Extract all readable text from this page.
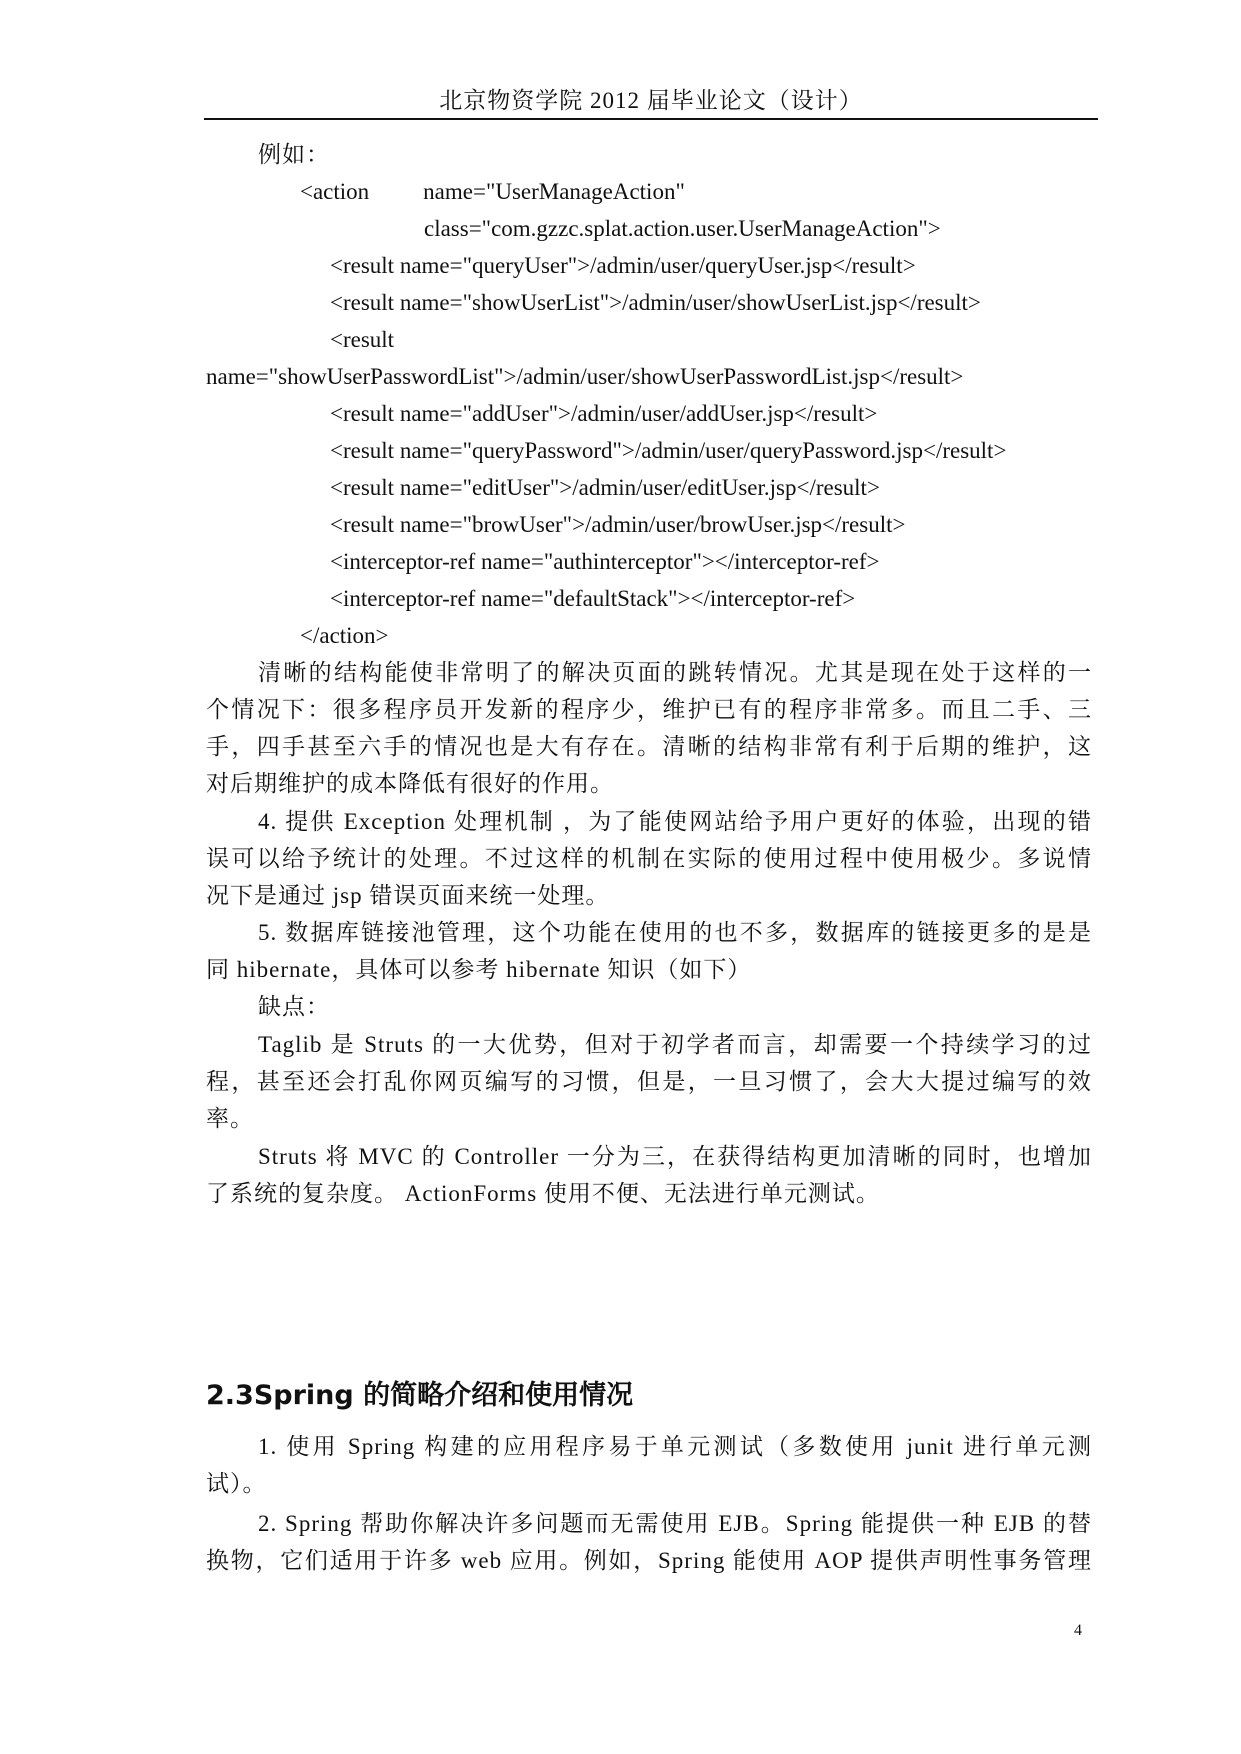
北京物资学院 2012 届毕业论文（设计）
例如：
<action name="UserManageAction"
class="com.gzzc.splat.action.user.UserManageAction">
<result name="queryUser">/admin/user/queryUser.jsp</result>
<result name="showUserList">/admin/user/showUserList.jsp</result>
<result
name="showUserPasswordList">/admin/user/showUserPasswordList.jsp</result>
<result name="addUser">/admin/user/addUser.jsp</result>
<result name="queryPassword">/admin/user/queryPassword.jsp</result>
<result name="editUser">/admin/user/editUser.jsp</result>
<result name="browUser">/admin/user/browUser.jsp</result>
<interceptor-ref name="authinterceptor"></interceptor-ref>
<interceptor-ref name="defaultStack"></interceptor-ref>
</action>
清晰的结构能使非常明了的解决页面的跳转情况。尤其是现在处于这样的一
个情况下：很多程序员开发新的程序少，维护已有的程序非常多。而且二手、三
手，四手甚至六手的情况也是大有存在。清晰的结构非常有利于后期的维护，这
对后期维护的成本降低有很好的作用。
4. 提供 Exception 处理机制 ，为了能使网站给予用户更好的体验，出现的错
误可以给予统计的处理。不过这样的机制在实际的使用过程中使用极少。多说情
况下是通过 jsp 错误页面来统一处理。
5. 数据库链接池管理，这个功能在使用的也不多，数据库的链接更多的是是
同 hibernate，具体可以参考 hibernate 知识（如下）
缺点：
Taglib 是 Struts 的一大优势，但对于初学者而言，却需要一个持续学习的过
程，甚至还会打乱你网页编写的习惯，但是，一旦习惯了，会大大提过编写的效
率。
Struts 将 MVC 的 Controller 一分为三，在获得结构更加清晰的同时，也增加
了系统的复杂度。 ActionForms 使用不便、无法进行单元测试。
2.3Spring 的简略介绍和使用情况
1. 使用 Spring 构建的应用程序易于单元测试（多数使用 junit 进行单元测
试）。
2. Spring 帮助你解决许多问题而无需使用 EJB。Spring 能提供一种 EJB 的替
换物，它们适用于许多 web 应用。例如，Spring 能使用 AOP 提供声明性事务管理
4
